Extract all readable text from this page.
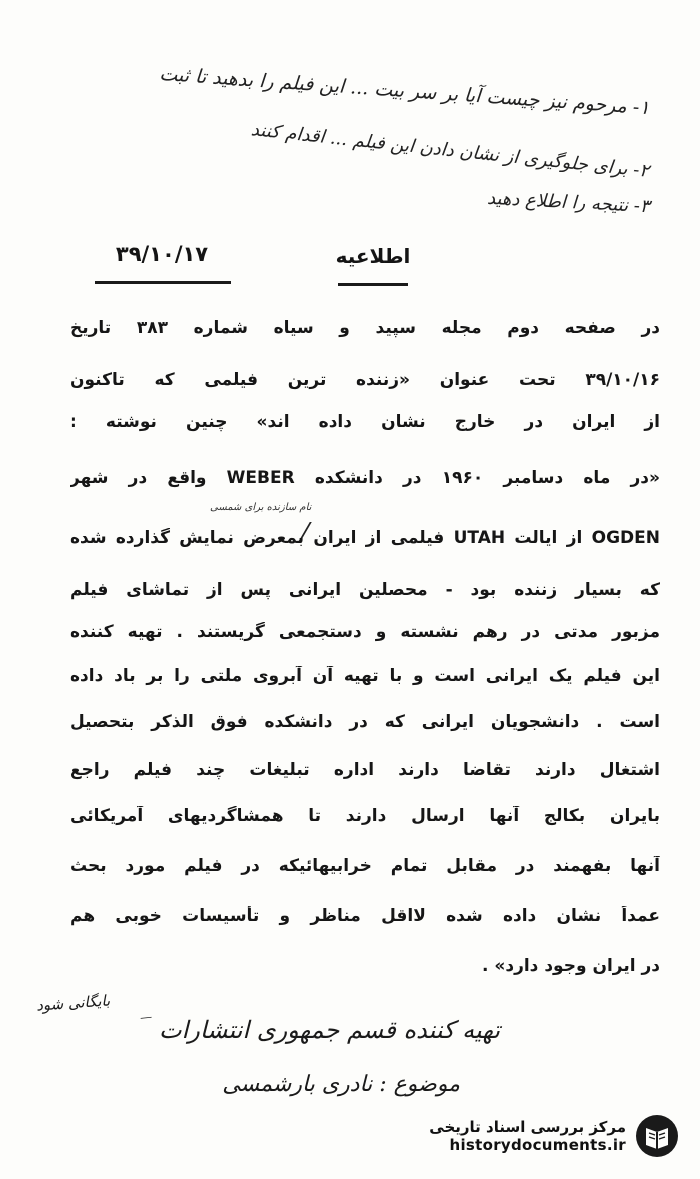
۱- مرحوم نیز چیست آیا بر سر بیت ... این فیلم را بدهید تا ثبت
۲- برای جلوگیری از نشان دادن این فیلم ... اقدام کنند
۳- نتیجه را اطلاع دهید
اطلاعیه
۳۹/۱۰/۱۷
در صفحه دوم مجله سپید و سیاه شماره ۳۸۳ تاریخ
۳۹/۱۰/۱۶ تحت عنوان «زننده ترین فیلمی که تاکنون
از ایران در خارج نشان داده اند» چنین نوشته :
«در ماه دسامبر ۱۹۶۰ در دانشکده WEBER واقع در شهر
نام سازنده برای شمسی
OGDEN از ایالت UTAH فیلمی از ایران بمعرض نمایش گذارده شده
که بسیار زننده بود - محصلین ایرانی پس از تماشای فیلم
مزبور مدتی در رهم نشسته و دستجمعی گریستند . تهیه کننده
این فیلم یک ایرانی است و با تهیه آن آبروی ملتی را بر باد داده
است . دانشجویان ایرانی که در دانشکده فوق الذکر بتحصیل
اشتغال دارند تقاضا دارند اداره تبلیغات چند فیلم راجع
بایران بکالج آنها ارسال دارند تا همشاگردیهای آمریکائی
آنها بفهمند در مقابل تمام خرابیهائیکه در فیلم مورد بحث
عمداً نشان داده شده لااقل مناظر و تأسیسات خوبی هم
در ایران وجود دارد» .
تهیه کننده قسم جمهوری انتشارات
موضوع : نادری بارشمسی
بایگانی شود
—
مرکز بررسی اسناد تاریخی
historydocuments.ir
